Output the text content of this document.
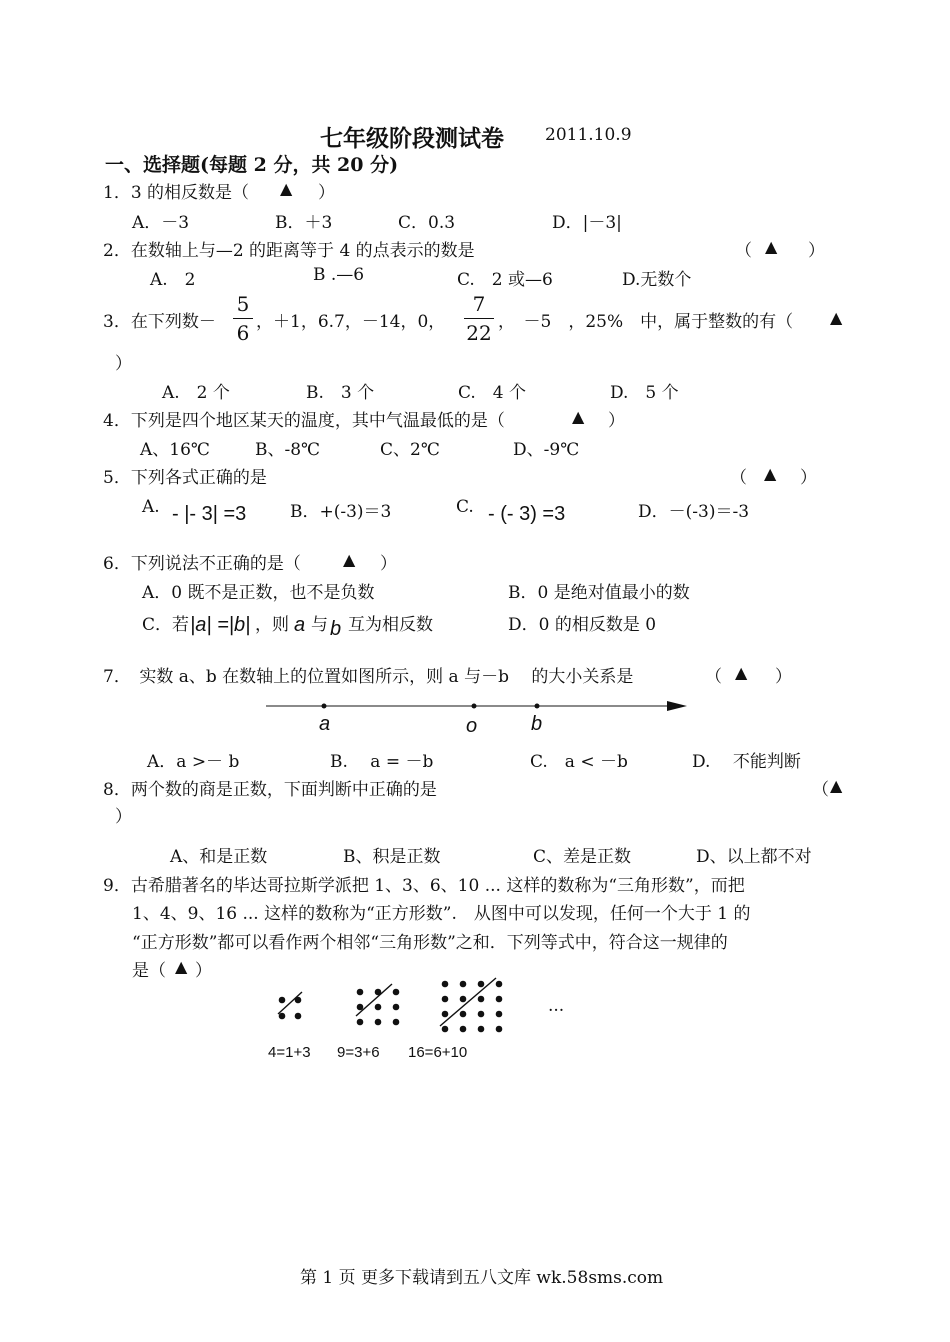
七年级阶段测试卷 2011.10.9
一、选择题(每题 2 分，共 20 分)
1．3 的相反数是（ ▲ ）
A．－3	B．＋3	C．0.3	D．|－3|
2．在数轴上与—2 的距离等于 4 的点表示的数是	（ ▲ ）
A.　2	B .—6	C.　2 或—6	D.无数个
3．在下列数－
5
6 ，＋1，6.7，－14，0，
7
22 ，　－5　，25%　中，属于整数的有（ ▲
）
A.　2 个	B.　3 个	C.　4 个	D.　5 个
4．下列是四个地区某天的温度，其中气温最低的是（	▲ ）
A、16℃	B、-8℃	C、2℃	D、-9℃
5．下列各式正确的是	（ ▲ ）
A. - |- 3| =3	B．+(-3)＝3	C. - (- 3) =3	D．－(-3)＝-3
6．下列说法不正确的是（	▲ ）
A．0 既不是正数，也不是负数	B．0 是绝对值最小的数
C．若 |a| =|b| ，则 a 与 b 互为相反数	D．0 的相反数是 0
7．　实数 a、b 在数轴上的位置如图所示，则 a 与－b　 的大小关系是	（ ▲ ）
a	o	b
A．a >－ b	B.　 a = －b	C.　a < －b	D.　 不能判断
8．两个数的商是正数，下面判断中正确的是	（ ▲
）
A、和是正数	B、积是正数	C、差是正数	D、以上都不对
9．古希腊著名的毕达哥拉斯学派把 1、3、6、10 ... 这样的数称为“三角形数”，而把
1、4、9、16 ... 这样的数称为“正方形数”.　从图中可以发现，任何一个大于 1 的
“正方形数”都可以看作两个相邻“三角形数”之和．下列等式中，符合这一规律的
是（ ▲ ）
...
4=1+3 9=3+6 16=6+10
第 1 页 更多下载请到五八文库 wk.58sms.com
